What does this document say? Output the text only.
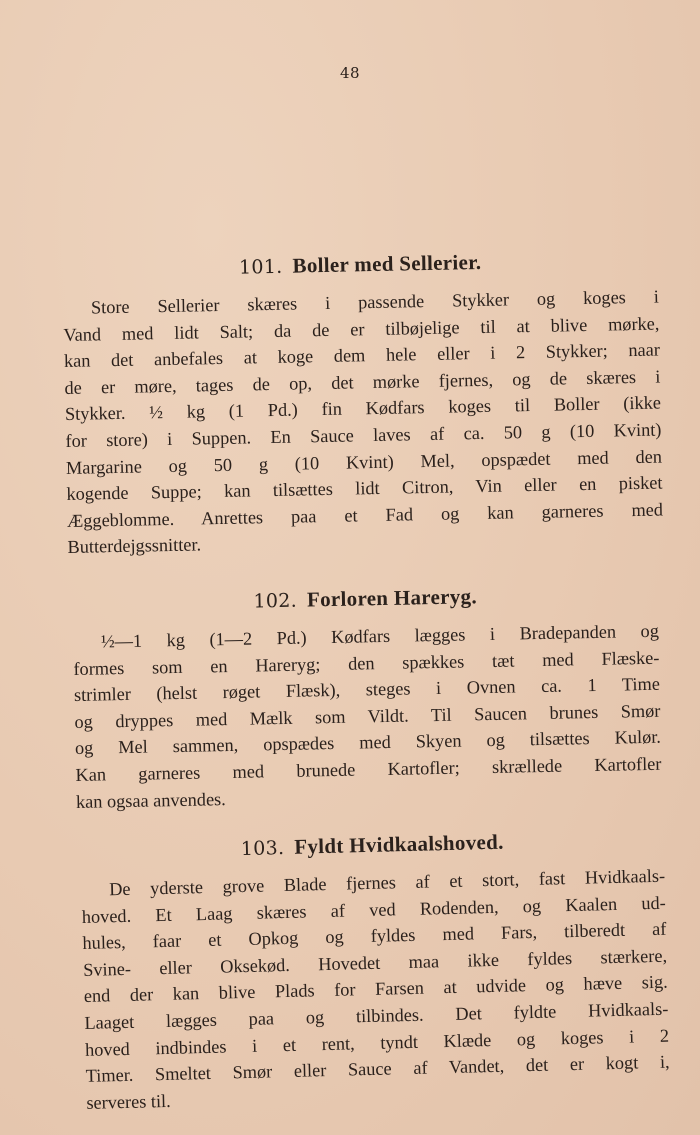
48
101. Boller med Sellerier.
Store Sellerier skæres i passende Stykker og koges i
Vand med lidt Salt; da de er tilbøjelige til at blive mørke,
kan det anbefales at koge dem hele eller i 2 Stykker; naar
de er møre, tages de op, det mørke fjernes, og de skæres i
Stykker. ½ kg (1 Pd.) fin Kødfars koges til Boller (ikke
for store) i Suppen. En Sauce laves af ca. 50 g (10 Kvint)
Margarine og 50 g (10 Kvint) Mel, opspædet med den
kogende Suppe; kan tilsættes lidt Citron, Vin eller en pisket
Æggeblomme. Anrettes paa et Fad og kan garneres med
Butterdejgssnitter.
102. Forloren Hareryg.
½—1 kg (1—2 Pd.) Kødfars lægges i Bradepanden og
formes som en Hareryg; den spækkes tæt med Flæske-
strimler (helst røget Flæsk), steges i Ovnen ca. 1 Time
og dryppes med Mælk som Vildt. Til Saucen brunes Smør
og Mel sammen, opspædes med Skyen og tilsættes Kulør.
Kan garneres med brunede Kartofler; skrællede Kartofler
kan ogsaa anvendes.
103. Fyldt Hvidkaalshoved.
De yderste grove Blade fjernes af et stort, fast Hvidkaals-
hoved. Et Laag skæres af ved Rodenden, og Kaalen ud-
hules, faar et Opkog og fyldes med Fars, tilberedt af
Svine- eller Oksekød. Hovedet maa ikke fyldes stærkere,
end der kan blive Plads for Farsen at udvide og hæve sig.
Laaget lægges paa og tilbindes. Det fyldte Hvidkaals-
hoved indbindes i et rent, tyndt Klæde og koges i 2
Timer. Smeltet Smør eller Sauce af Vandet, det er kogt i,
serveres til.
